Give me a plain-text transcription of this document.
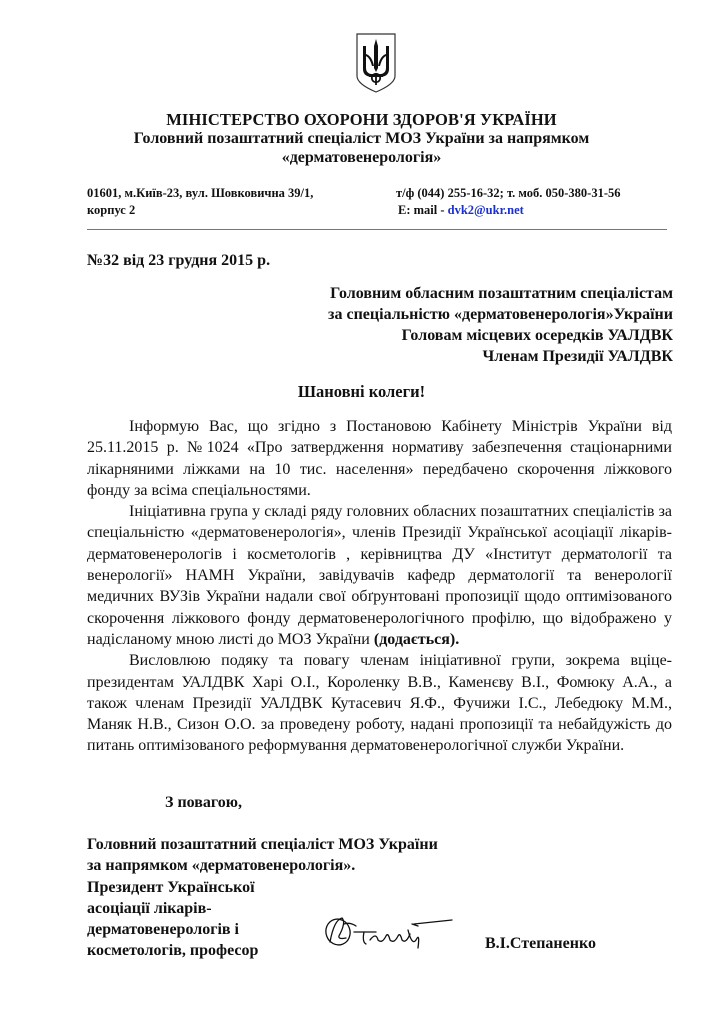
МІНІСТЕРСТВО ОХОРОНИ ЗДОРОВ'Я УКРАЇНИ
Головний позаштатний спеціаліст МОЗ України за напрямком
«дерматовенерологія»
01601, м.Київ-23, вул. Шовковична 39/1,
корпус 2
т/ф (044) 255-16-32; т. моб. 050-380-31-56
E: mail - dvk2@ukr.net
№32 від 23 грудня 2015 р.
Головним обласним позаштатним спеціалістам
за спеціальністю «дерматовенерологія»України
Головам місцевих осередків УАЛДВК
Членам Президії УАЛДВК
Шановні колеги!

Інформую Вас, що згідно з Постановою Кабінету Міністрів України від 25.11.2015 р. №1024 «Про затвердження нормативу забезпечення стаціонарними лікарняними ліжками на 10 тис. населення» передбачено скорочення ліжкового фонду за всіма спеціальностями.

Ініціативна група у складі ряду головних обласних позаштатних спеціалістів за спеціальністю «дерматовенерологія», членів Президії Української асоціації лікарів-дерматовенерологів і косметологів , керівництва ДУ «Інститут дерматології та венерології» НАМН України, завідувачів кафедр дерматології та венерології медичних ВУЗів України надали свої обґрунтовані пропозиції щодо оптимізованого скорочення ліжкового фонду дерматовенерологічного профілю, що відображено у надісланому мною листі до МОЗ України (додається).

Висловлюю подяку та повагу членам ініціативної групи, зокрема вціце-президентам УАЛДВК Харі О.І., Короленку В.В., Каменєву В.І., Фомюку А.А., а також членам Президії УАЛДВК Кутасевич Я.Ф., Фучижи І.С., Лебедюку М.М., Маняк Н.В., Сизон О.О. за проведену роботу, надані пропозиції та небайдужість до питань оптимізованого реформування дерматовенерологічної служби України.

З повагою,
Головний позаштатний спеціаліст МОЗ України
за напрямком «дерматовенерологія».
Президент Української
асоціації лікарів-
дерматовенерологів і
косметологів, професор	В.І.Степаненко
